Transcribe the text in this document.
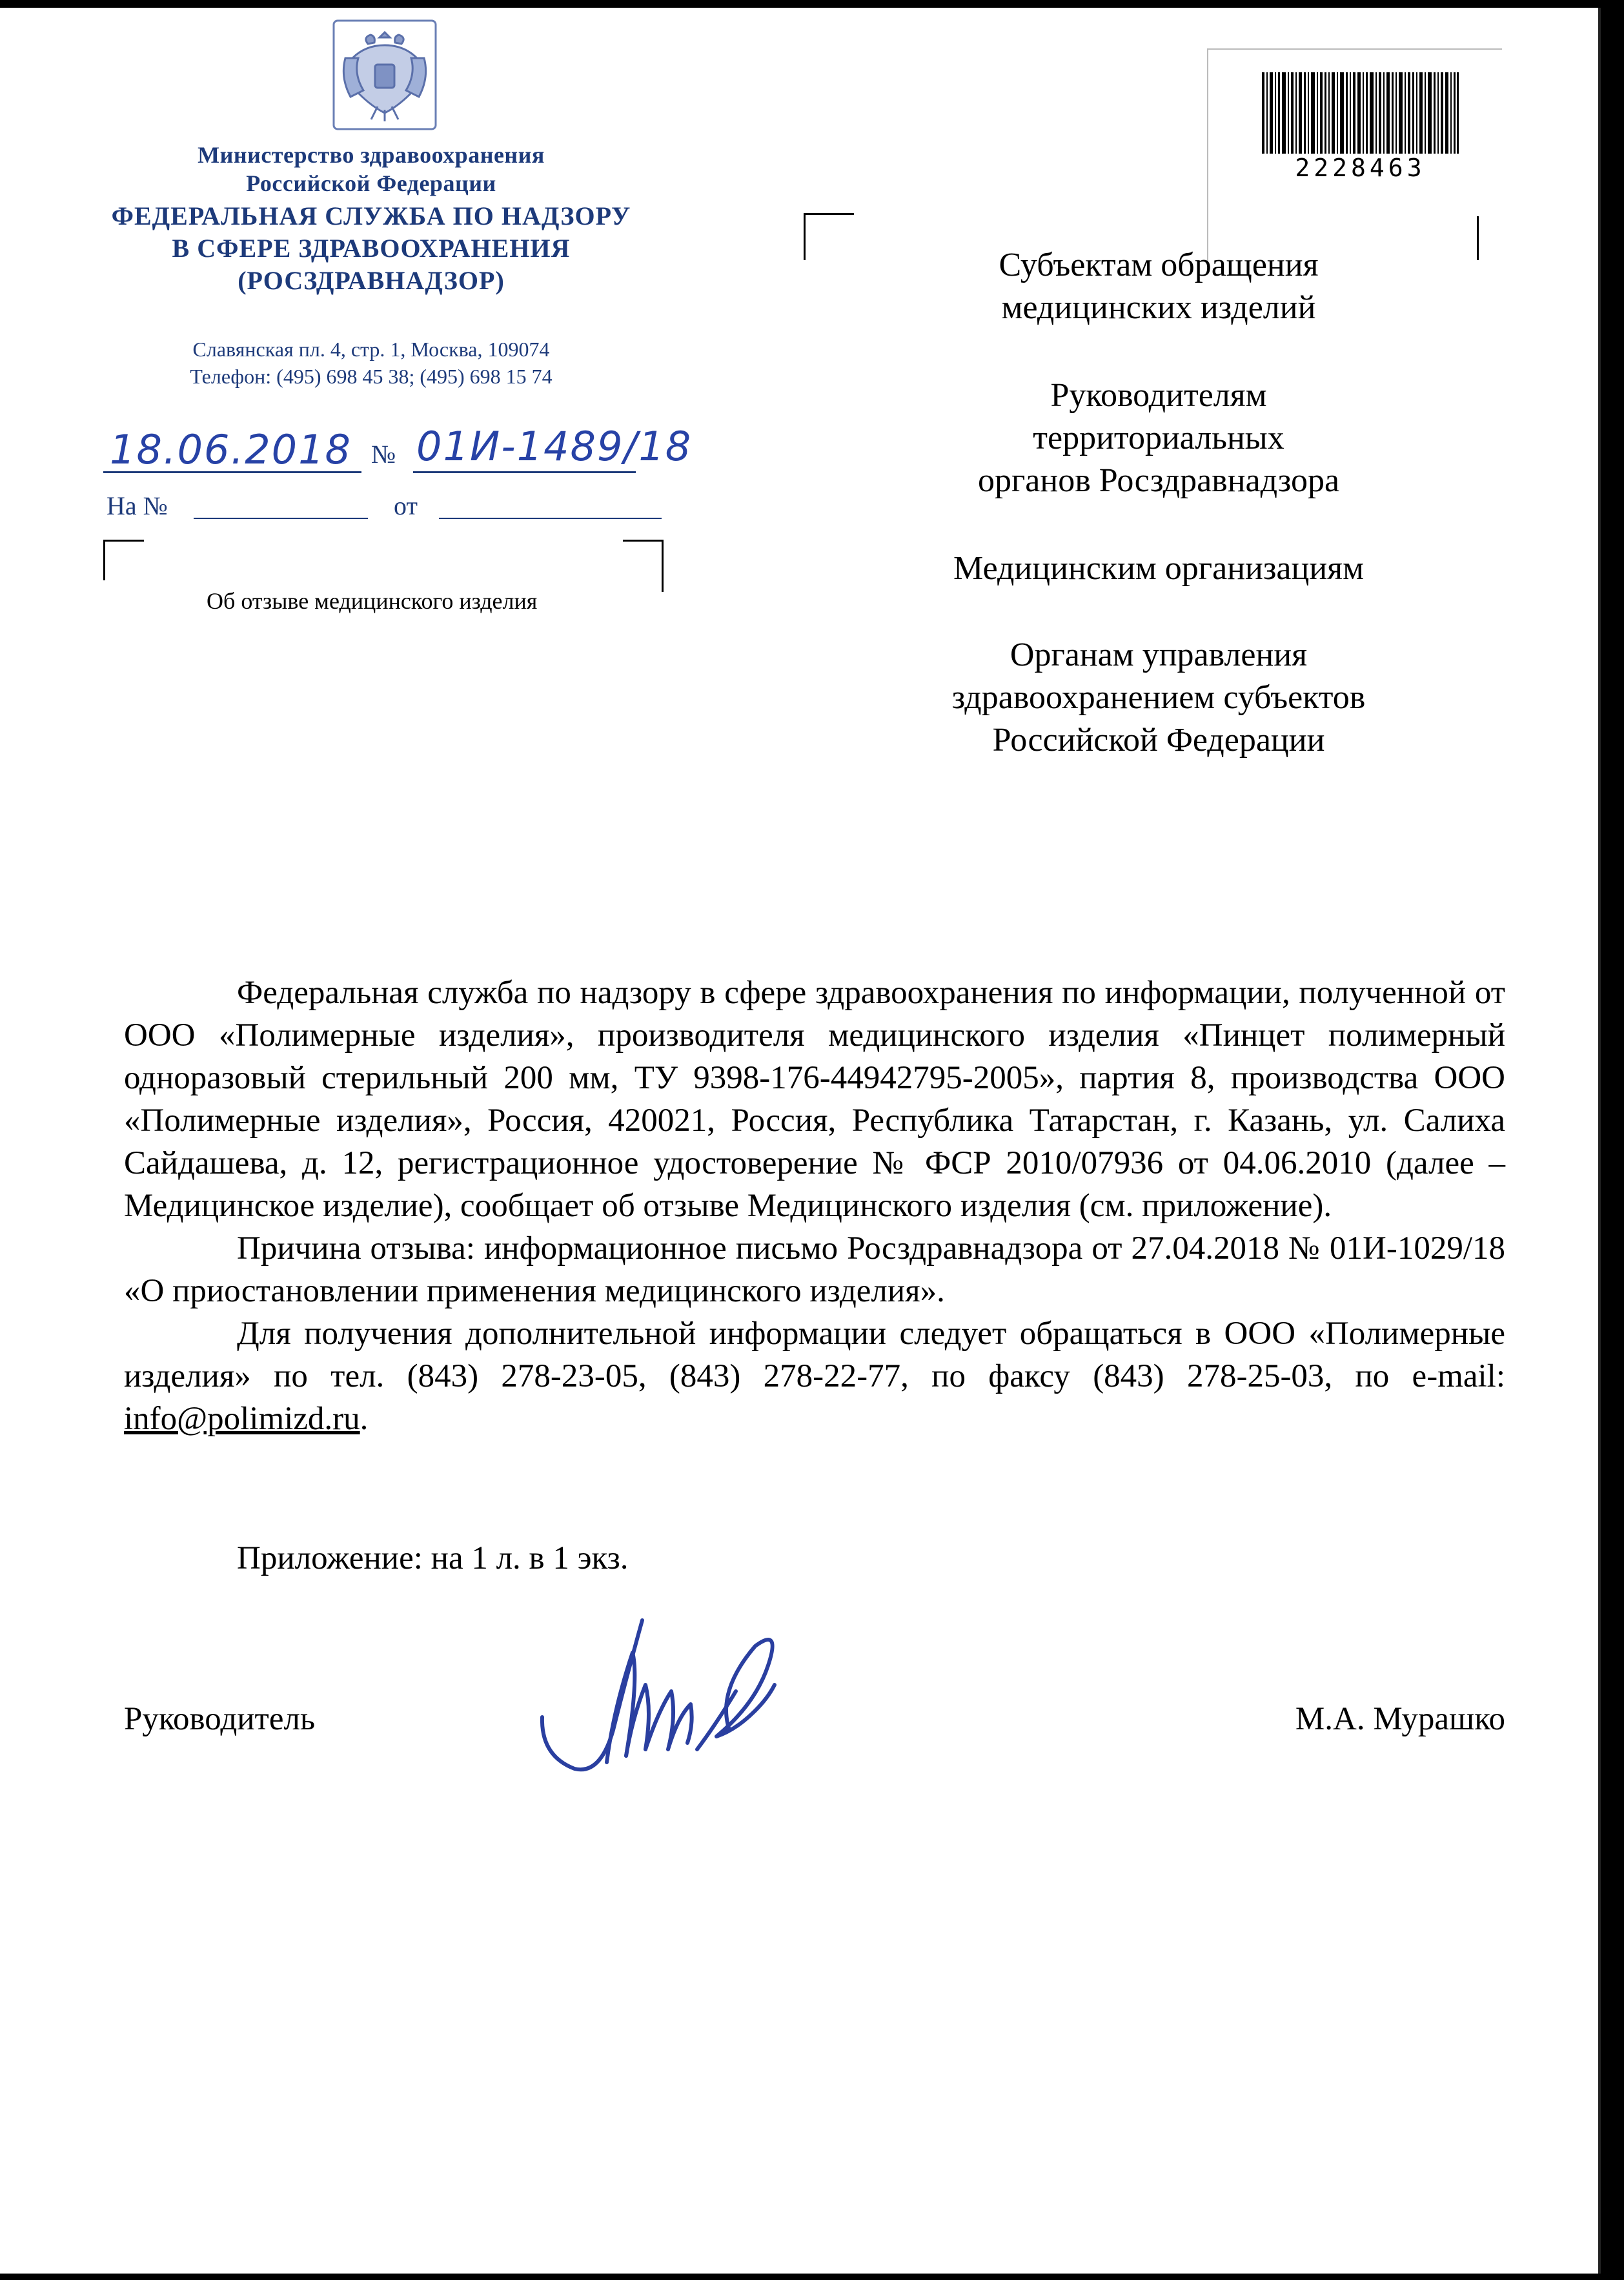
Министерство здравоохранения
Российской Федерации
ФЕДЕРАЛЬНАЯ СЛУЖБА ПО НАДЗОРУ
В СФЕРЕ ЗДРАВООХРАНЕНИЯ
(РОСЗДРАВНАДЗОР)
Славянская пл. 4, стр. 1, Москва, 109074
Телефон: (495) 698 45 38; (495) 698 15 74
18.06.2018 № 01И-1489/18
На №	от
Об отзыве медицинского изделия
2228463
Субъектам обращения
медицинских изделий
Руководителям
территориальных
органов Росздравнадзора
Медицинским организациям
Органам управления
здравоохранением субъектов
Российской Федерации

Федеральная служба по надзору в сфере здравоохранения по информации, полученной от ООО «Полимерные изделия», производителя медицинского изделия «Пинцет полимерный одноразовый стерильный 200 мм, ТУ 9398-176-44942795-2005», партия 8, производства ООО «Полимерные изделия», Россия, 420021, Россия, Республика Татарстан, г. Казань, ул. Салиха Сайдашева, д. 12, регистрационное удостоверение № ФСР 2010/07936 от 04.06.2010 (далее – Медицинское изделие), сообщает об отзыве Медицинского изделия (см. приложение).

Причина отзыва: информационное письмо Росздравнадзора от 27.04.2018 № 01И-1029/18 «О приостановлении применения медицинского изделия».

Для получения дополнительной информации следует обращаться в ООО «Полимерные изделия» по тел. (843) 278-23-05, (843) 278-22-77, по факсу (843) 278-25-03, по e-mail: info@polimizd.ru.

Приложение: на 1 л. в 1 экз.
Руководитель	М.А. Мурашко
